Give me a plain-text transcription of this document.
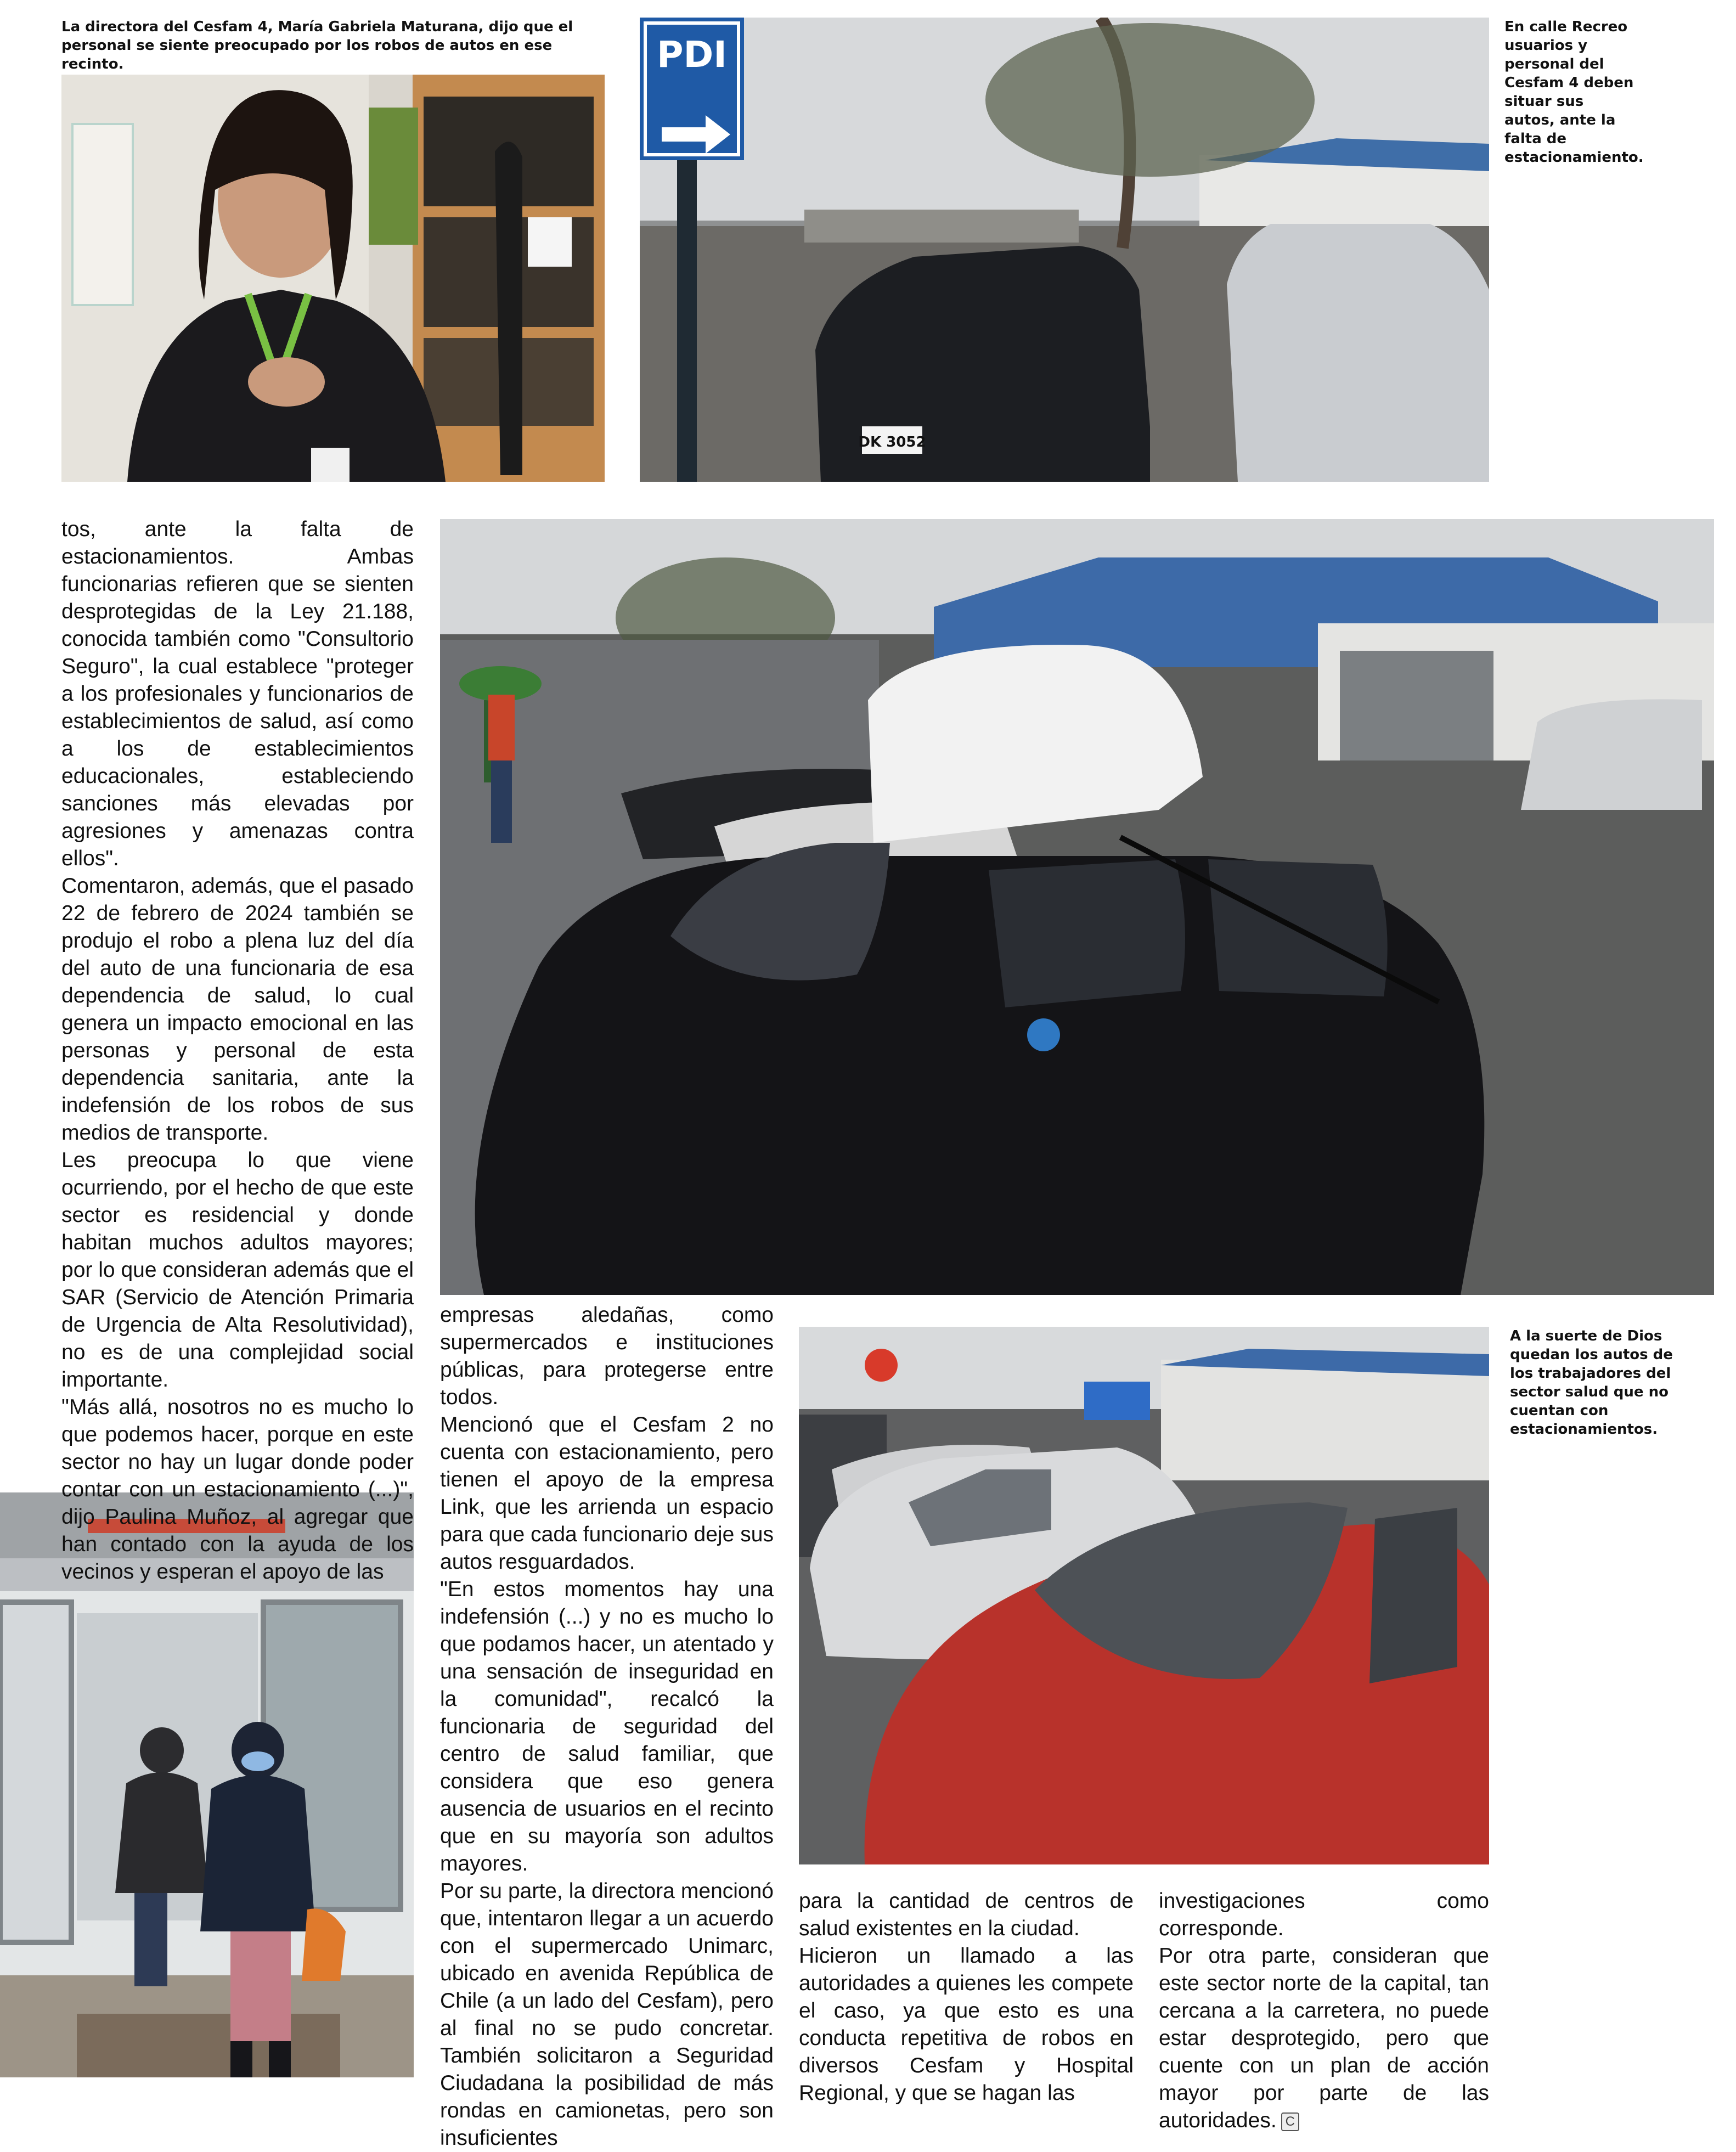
La directora del Cesfam 4, María Gabriela Maturana, dijo que el personal se siente preocupado por los robos de autos en ese recinto.

En calle Recreo usuarios y personal del Cesfam 4 deben situar sus autos, ante la falta de estacionamiento.

A la suerte de Dios quedan los autos de los trabajadores del sector salud que no cuentan con estacionamientos.

PDI
DK 3052

tos, ante la falta de estacionamientos. Ambas funcionarias refieren que se sienten desprotegidas de la Ley 21.188, conocida también como "Consultorio Seguro", la cual establece "proteger a los profesionales y funcionarios de establecimientos de salud, así como a los de establecimientos educacionales, estableciendo sanciones más elevadas por agresiones y amenazas contra ellos".

Comentaron, además, que el pasado 22 de febrero de 2024 también se produjo el robo a plena luz del día del auto de una funcionaria de esa dependencia de salud, lo cual genera un impacto emocional en las personas y personal de esta dependencia sanitaria, ante la indefensión de los robos de sus medios de transporte.

Les preocupa lo que viene ocurriendo, por el hecho de que este sector es residencial y donde habitan muchos adultos mayores; por lo que consideran además que el SAR (Servicio de Atención Primaria de Urgencia de Alta Resolutividad), no es de una complejidad social importante.

"Más allá, nosotros no es mucho lo que podemos hacer, porque en este sector no hay un lugar donde poder contar con un estacionamiento (...)", dijo Paulina Muñoz, al agregar que han contado con la ayuda de los vecinos y esperan el apoyo de las

empresas aledañas, como supermercados e instituciones públicas, para protegerse entre todos.

Mencionó que el Cesfam 2 no cuenta con estacionamiento, pero tienen el apoyo de la empresa Link, que les arrienda un espacio para que cada funcionario deje sus autos resguardados.

"En estos momentos hay una indefensión (...) y no es mucho lo que podamos hacer, un atentado y una sensación de inseguridad en la comunidad", recalcó la funcionaria de seguridad del centro de salud familiar, que considera que eso genera ausencia de usuarios en el recinto que en su mayoría son adultos mayores.

Por su parte, la directora mencionó que, intentaron llegar a un acuerdo con el supermercado Unimarc, ubicado en avenida República de Chile (a un lado del Cesfam), pero al final no se pudo concretar. También solicitaron a Seguridad Ciudadana la posibilidad de más rondas en camionetas, pero son insuficientes

para la cantidad de centros de salud existentes en la ciudad.

Hicieron un llamado a las autoridades a quienes les compete el caso, ya que esto es una conducta repetitiva de robos en diversos Cesfam y Hospital Regional, y que se hagan las

investigaciones como corresponde.

Por otra parte, consideran que este sector norte de la capital, tan cercana a la carretera, no puede estar desprotegido, pero que cuente con un plan de acción mayor por parte de las autoridades. C
